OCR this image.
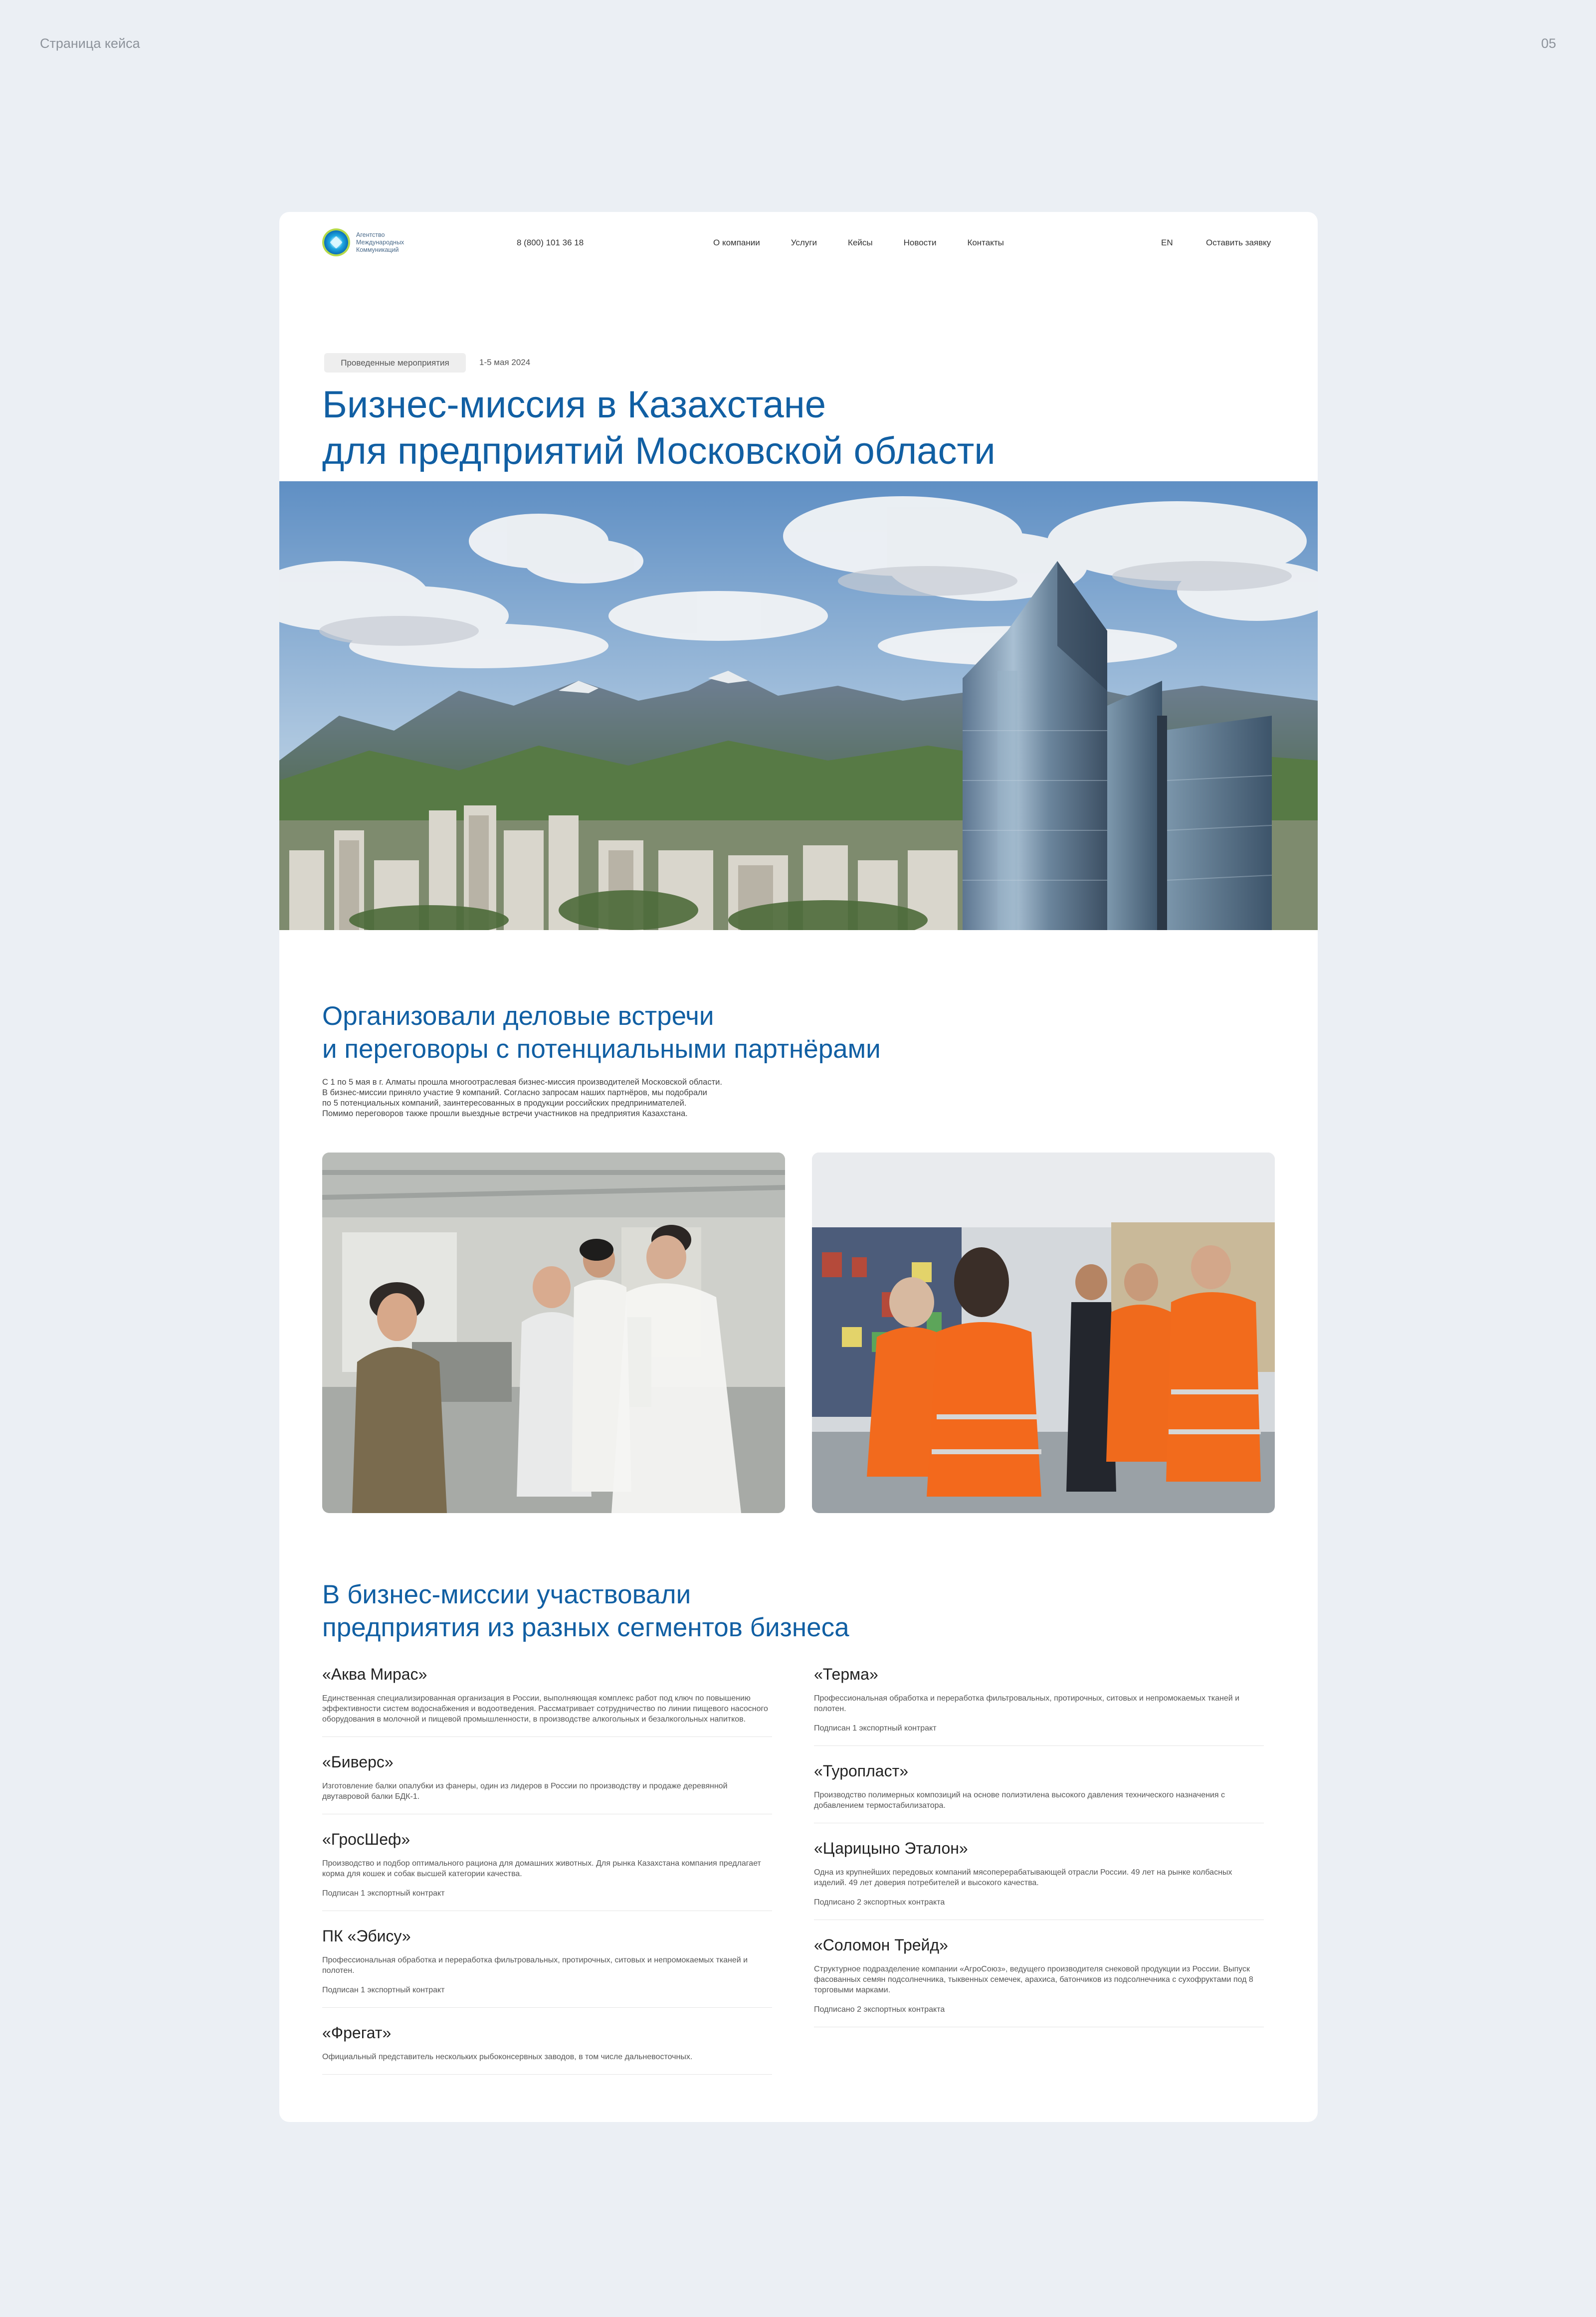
Страница кейса	05
Агентство
Международных
Коммуникаций
8 (800) 101 36 18	О компании	Услуги	Кейсы	Новости	Контакты	EN	Оставить заявку
Проведенные мероприятия	1-5 мая 2024
Бизнес-миссия в Казахстане
для предприятий Московской области
Организовали деловые встречи
и переговоры с потенциальными партнёрами
С 1 по 5 мая в г. Алматы прошла многоотраслевая бизнес-миссия производителей Московской области.
В бизнес-миссии приняло участие 9 компаний. Согласно запросам наших партнёров, мы подобрали
по 5 потенциальных компаний, заинтересованных в продукции российских предпринимателей.
Помимо переговоров также прошли выездные встречи участников на предприятия Казахстана.
В бизнес-миссии участвовали
предприятия из разных сегментов бизнеса

«Аква Мирас»

Единственная специализированная организация в России, выполняющая комплекс работ под ключ по повышению эффективности систем водоснабжения и водоотведения. Рассматривает сотрудничество по линии пищевого насосного оборудования в молочной и пищевой промышленности, в производстве алкогольных и безалкогольных напитков.

«Биверс»

Изготовление балки опалубки из фанеры, один из лидеров в России по производству и продаже деревянной двутавровой балки БДК-1.

«ГросШеф»

Производство и подбор оптимального рациона для домашних животных. Для рынка Казахстана компания предлагает корма для кошек и собак высшей категории качества.

Подписан 1 экспортный контракт

ПК «Эбису»

Профессиональная обработка и переработка фильтровальных, протирочных, ситовых и непромокаемых тканей и полотен.

Подписан 1 экспортный контракт

«Фрегат»

Официальный представитель нескольких рыбоконсервных заводов, в том числе дальневосточных.

«Терма»

Профессиональная обработка и переработка фильтровальных, протирочных, ситовых и непромокаемых тканей и полотен.

Подписан 1 экспортный контракт

«Туропласт»

Производство полимерных композиций на основе полиэтилена высокого давления технического назначения с добавлением термостабилизатора.

«Царицыно Эталон»

Одна из крупнейших передовых компаний мясоперерабатывающей отрасли России. 49 лет на рынке колбасных изделий. 49 лет доверия потребителей и высокого качества.

Подписано 2 экспортных контракта

«Соломон Трейд»

Структурное подразделение компании «АгроСоюз», ведущего производителя снековой продукции из России. Выпуск фасованных семян подсолнечника, тыквенных семечек, арахиса, батончиков из подсолнечника с сухофруктами под 8 торговыми марками.

Подписано 2 экспортных контракта
